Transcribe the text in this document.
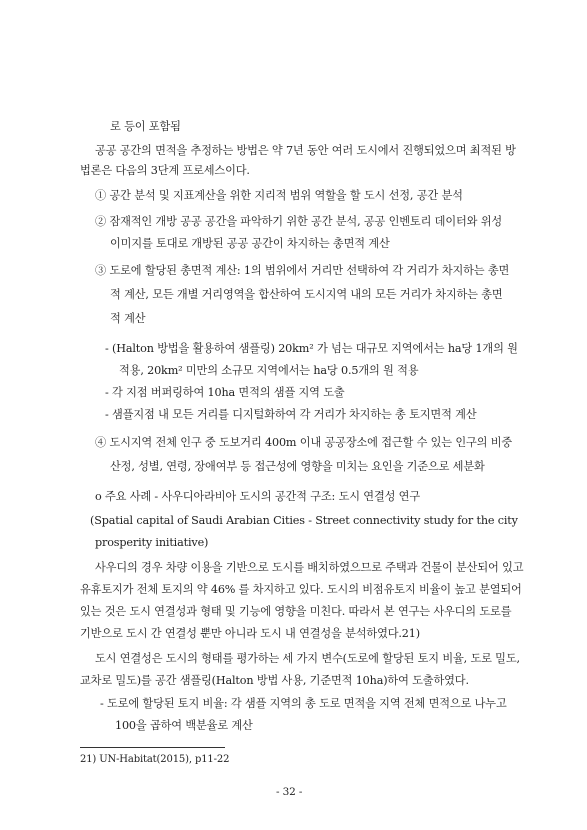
로 등이 포함됨
공공 공간의 면적을 추정하는 방법은 약 7년 동안 여러 도시에서 진행되었으며 최적된 방
법론은 다음의 3단계 프로세스이다.
① 공간 분석 및 지표계산을 위한 지리적 범위 역할을 할 도시 선정, 공간 분석
② 잠재적인 개방 공공 공간을 파악하기 위한 공간 분석, 공공 인벤토리 데이터와 위성
이미지를 토대로 개방된 공공 공간이 차지하는 총면적 계산
③ 도로에 할당된 총면적 계산: 1의 범위에서 거리만 선택하여 각 거리가 차지하는 총면
적 계산, 모든 개별 거리영역을 합산하여 도시지역 내의 모든 거리가 차지하는 총면
적 계산
- (Halton 방법을 활용하여 샘플링) 20km² 가 넘는 대규모 지역에서는 ha당 1개의 원
적용, 20km² 미만의 소규모 지역에서는 ha당 0.5개의 원 적용
- 각 지점 버퍼링하여 10ha 면적의 샘플 지역 도출
- 샘플지점 내 모든 거리를 디지털화하여 각 거리가 차지하는 총 토지면적 계산
④ 도시지역 전체 인구 중 도보거리 400m 이내 공공장소에 접근할 수 있는 인구의 비중
산정, 성별, 연령, 장애여부 등 접근성에 영향을 미치는 요인을 기준으로 세분화
o 주요 사례 - 사우디아라비아 도시의 공간적 구조: 도시 연결성 연구
(Spatial capital of Saudi Arabian Cities - Street connectivity study for the city
prosperity initiative)
사우디의 경우 차량 이용을 기반으로 도시를 배치하였으므로 주택과 건물이 분산되어 있고
유휴토지가 전체 토지의 약 46% 를 차지하고 있다. 도시의 비점유토지 비율이 높고 분열되어
있는 것은 도시 연결성과 형태 및 기능에 영향을 미친다. 따라서 본 연구는 사우디의 도로를
기반으로 도시 간 연결성 뿐만 아니라 도시 내 연결성을 분석하였다.21)
도시 연결성은 도시의 형태를 평가하는 세 가지 변수(도로에 할당된 토지 비율, 도로 밀도,
교차로 밀도)를 공간 샘플링(Halton 방법 사용, 기준면적 10ha)하여 도출하였다.
- 도로에 할당된 토지 비율: 각 샘플 지역의 총 도로 면적을 지역 전체 면적으로 나누고
100을 곱하여 백분율로 계산
21) UN-Habitat(2015), p11-22
- 32 -
